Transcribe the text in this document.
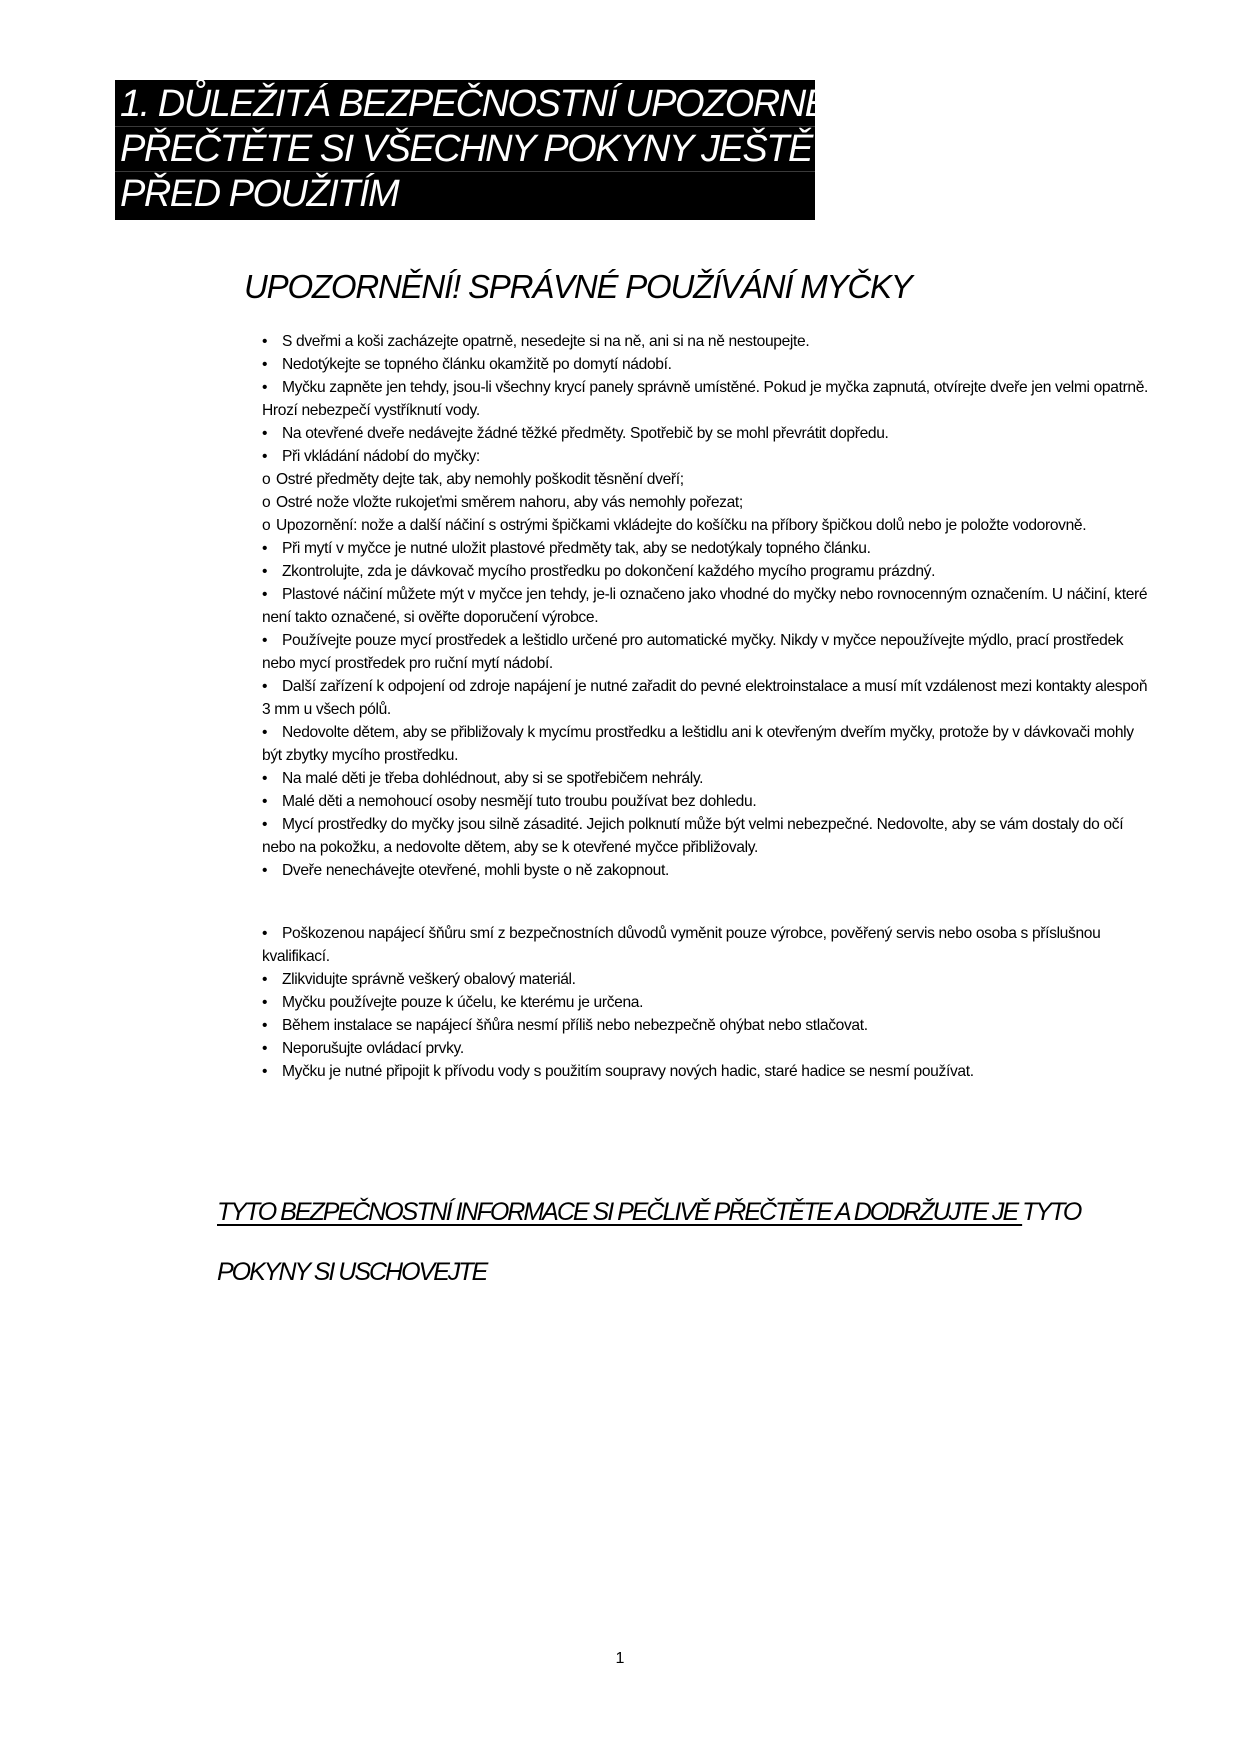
1. DŮLEŽITÁ BEZPEČNOSTNÍ UPOZORNĚNÍ
PŘEČTĚTE SI VŠECHNY POKYNY JEŠTĚ
PŘED POUŽITÍM
UPOZORNĚNÍ! SPRÁVNÉ POUŽÍVÁNÍ MYČKY

• S dveřmi a koši zacházejte opatrně, nesedejte si na ně, ani si na ně nestoupejte.

• Nedotýkejte se topného článku okamžitě po domytí nádobí.

• Myčku zapněte jen tehdy, jsou-li všechny krycí panely správně umístěné. Pokud je myčka zapnutá, otvírejte dveře jen velmi opatrně. Hrozí nebezpečí vystříknutí vody.

• Na otevřené dveře nedávejte žádné těžké předměty. Spotřebič by se mohl převrátit dopředu.

• Při vkládání nádobí do myčky:

o Ostré předměty dejte tak, aby nemohly poškodit těsnění dveří;

o Ostré nože vložte rukojeťmi směrem nahoru, aby vás nemohly pořezat;

o Upozornění: nože a další náčiní s ostrými špičkami vkládejte do košíčku na příbory špičkou dolů nebo je položte vodorovně.

• Při mytí v myčce je nutné uložit plastové předměty tak, aby se nedotýkaly topného článku.

• Zkontrolujte, zda je dávkovač mycího prostředku po dokončení každého mycího programu prázdný.

• Plastové náčiní můžete mýt v myčce jen tehdy, je-li označeno jako vhodné do myčky nebo rovnocenným označením. U náčiní, které není takto označené, si ověřte doporučení výrobce.

• Používejte pouze mycí prostředek a leštidlo určené pro automatické myčky. Nikdy v myčce nepoužívejte mýdlo, prací prostředek nebo mycí prostředek pro ruční mytí nádobí.

• Další zařízení k odpojení od zdroje napájení je nutné zařadit do pevné elektroinstalace a musí mít vzdálenost mezi kontakty alespoň 3 mm u všech pólů.

• Nedovolte dětem, aby se přibližovaly k mycímu prostředku a leštidlu ani k otevřeným dveřím myčky, protože by v dávkovači mohly být zbytky mycího prostředku.

• Na malé děti je třeba dohlédnout, aby si se spotřebičem nehrály.

• Malé děti a nemohoucí osoby nesmějí tuto troubu používat bez dohledu.

• Mycí prostředky do myčky jsou silně zásadité. Jejich polknutí může být velmi nebezpečné. Nedovolte, aby se vám dostaly do očí nebo na pokožku, a nedovolte dětem, aby se k otevřené myčce přibližovaly.

• Dveře nenechávejte otevřené, mohli byste o ně zakopnout.

• Poškozenou napájecí šňůru smí z bezpečnostních důvodů vyměnit pouze výrobce, pověřený servis nebo osoba s příslušnou kvalifikací.

• Zlikvidujte správně veškerý obalový materiál.

• Myčku používejte pouze k účelu, ke kterému je určena.

• Během instalace se napájecí šňůra nesmí příliš nebo nebezpečně ohýbat nebo stlačovat.

• Neporušujte ovládací prvky.

• Myčku je nutné připojit k přívodu vody s použitím soupravy nových hadic, staré hadice se nesmí používat.

TYTO BEZPEČNOSTNÍ INFORMACE SI PEČLIVĚ PŘEČTĚTE A DODRŽUJTE JE TYTO
POKYNY SI USCHOVEJTE
1
